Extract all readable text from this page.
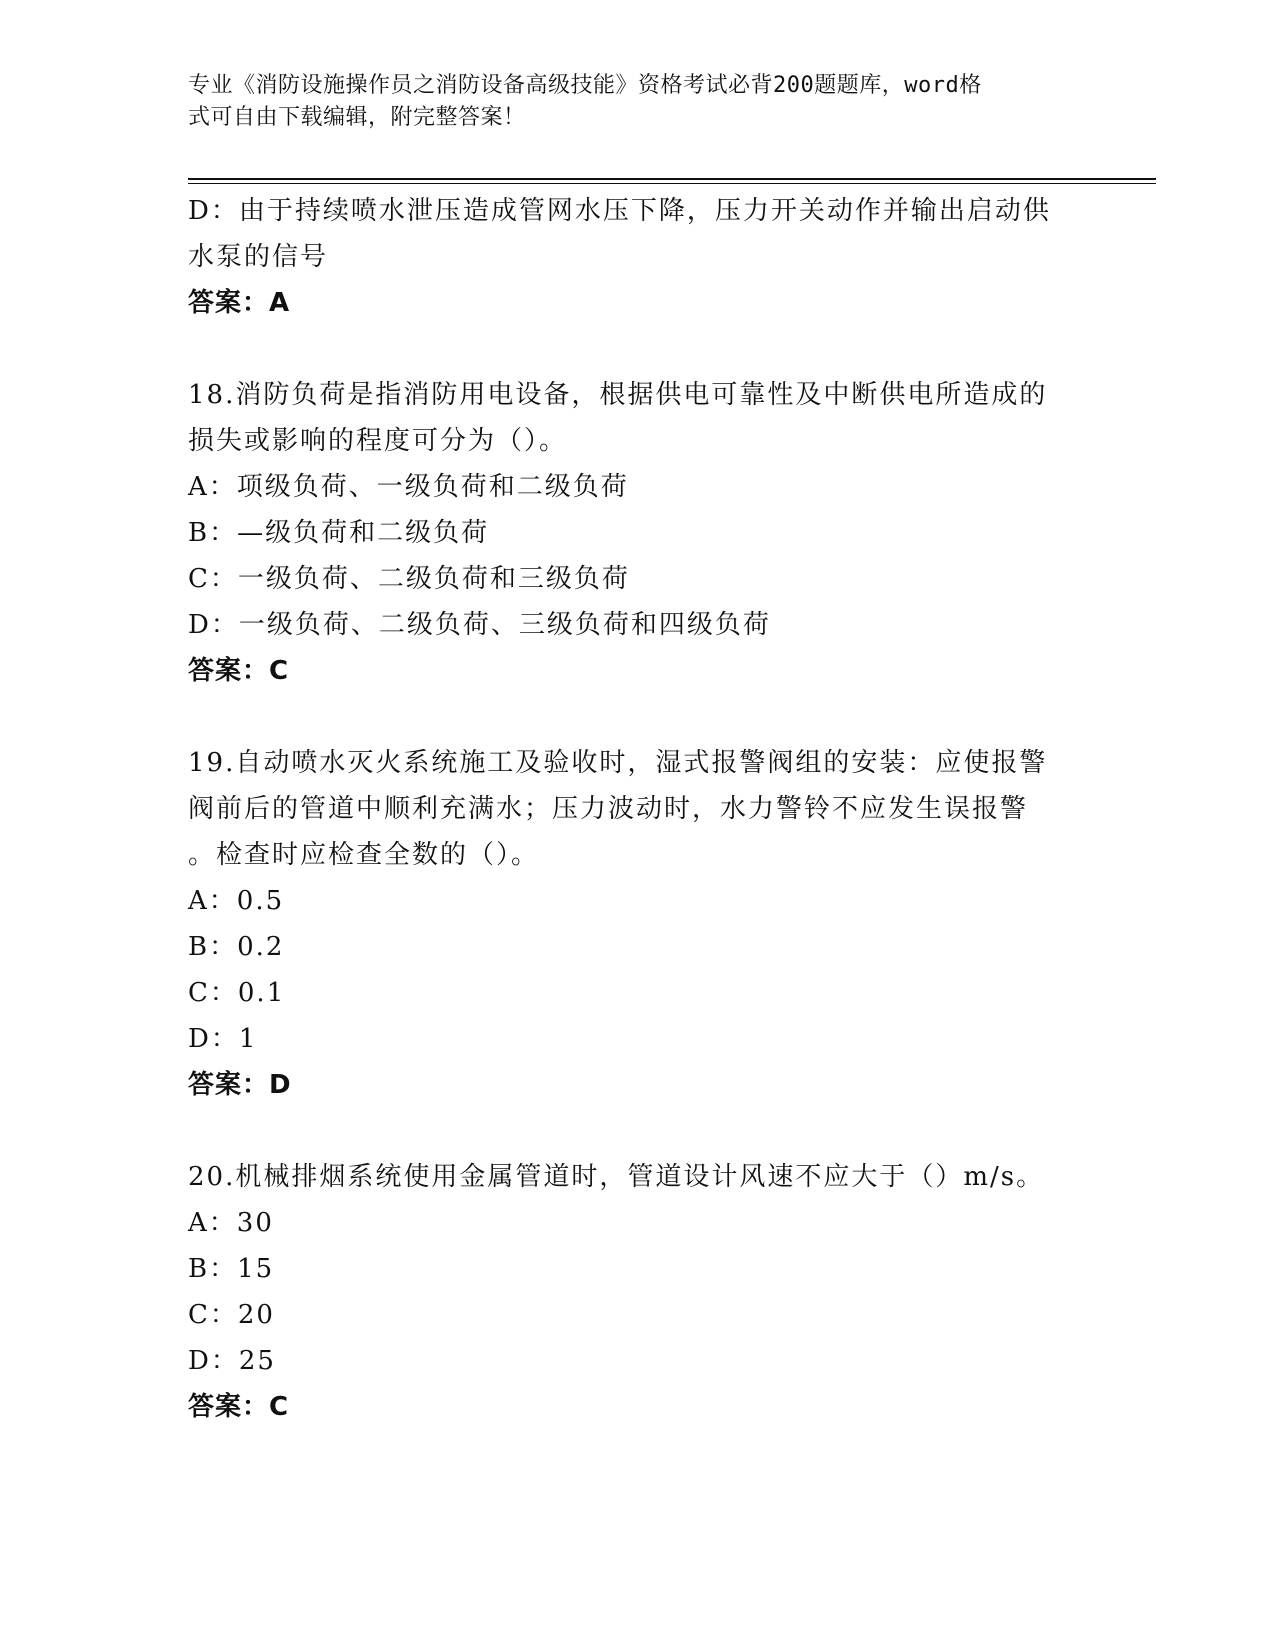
专业《消防设施操作员之消防设备高级技能》资格考试必背200题题库，word格
式可自由下载编辑，附完整答案！

D：由于持续喷水泄压造成管网水压下降，压力开关动作并输出启动供

水泵的信号

答案：A

18.消防负荷是指消防用电设备，根据供电可靠性及中断供电所造成的

损失或影响的程度可分为（）。

A：项级负荷、一级负荷和二级负荷

B：—级负荷和二级负荷

C：一级负荷、二级负荷和三级负荷

D：一级负荷、二级负荷、三级负荷和四级负荷

答案：C

19.自动喷水灭火系统施工及验收时，湿式报警阀组的安装：应使报警

阀前后的管道中顺利充满水；压力波动时，水力警铃不应发生误报警

。检查时应检查全数的（）。

A：0.5

B：0.2

C：0.1

D：1

答案：D

20.机械排烟系统使用金属管道时，管道设计风速不应大于（）m/s。

A：30

B：15

C：20

D：25

答案：C
